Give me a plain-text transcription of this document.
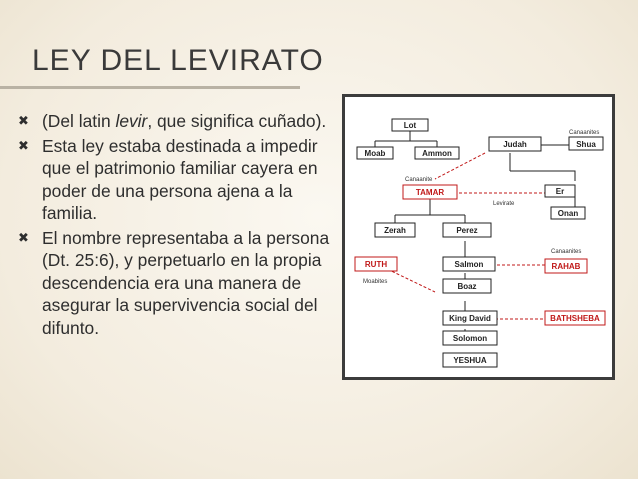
LEY DEL LEVIRATO
✖ (Del latin levir, que significa cuñado).
✖ Esta ley estaba destinada a impedir que el patrimonio familiar cayera en poder de una persona ajena a la familia.
✖ El nombre representaba a la persona (Dt. 25:6), y perpetuarlo en la propia descendencia era una manera de asegurar la supervivencia social del difunto.
Lot
Moab	Ammon
Judah	Shua
TAMAR	Er
Onan
Zerah	Perez
RUTH	Salmon	RAHAB
Boaz
King David	BATHSHEBA
Solomon
YESHUA
Canaanites
Canaanite
Levirate
Canaanites
Moabites
